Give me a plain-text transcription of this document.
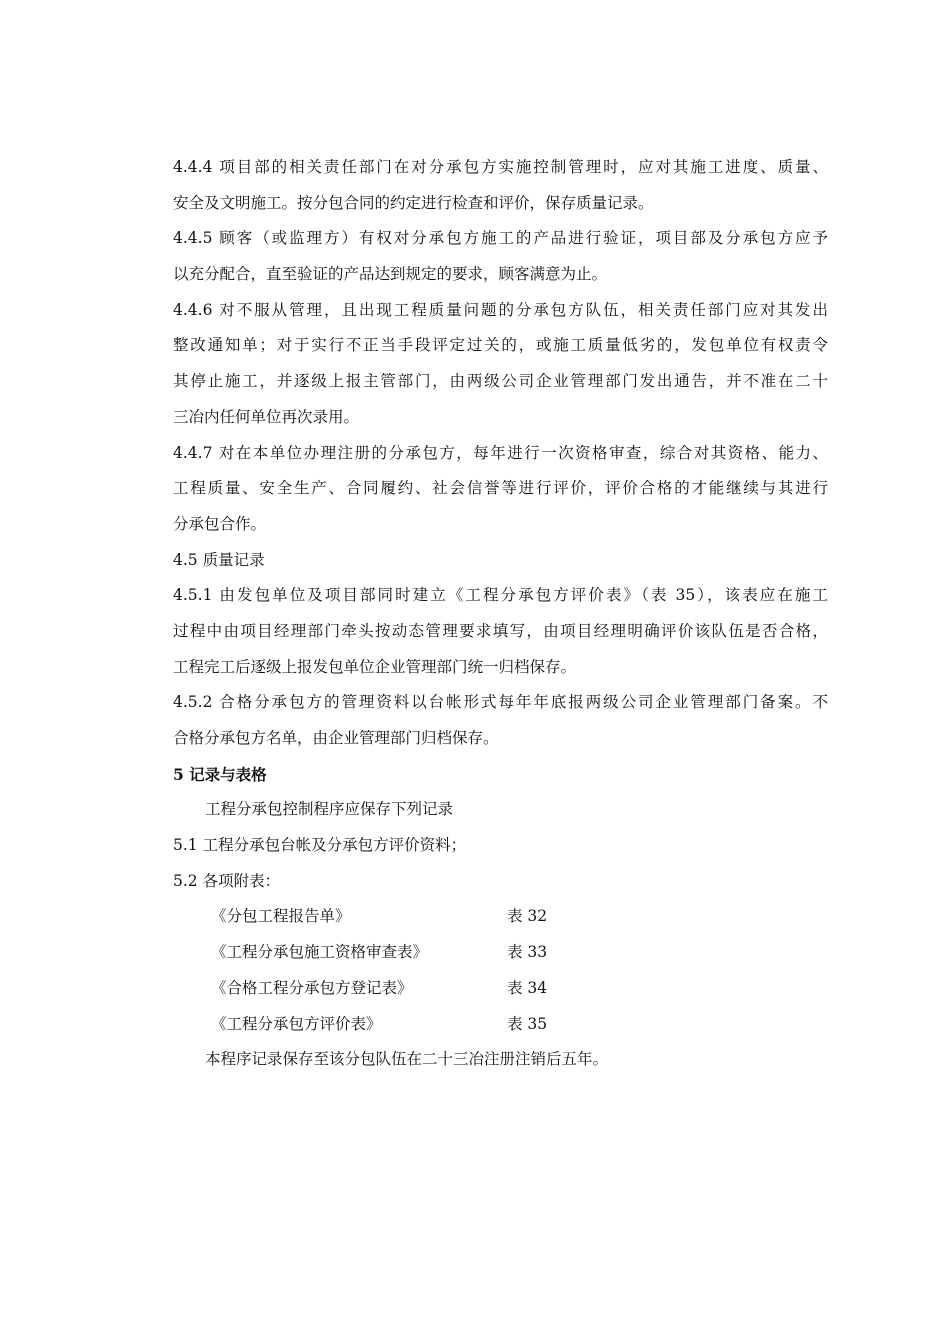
4.4.4 项目部的相关责任部门在对分承包方实施控制管理时，应对其施工进度、质量、
安全及文明施工。按分包合同的约定进行检查和评价，保存质量记录。
4.4.5 顾客（或监理方）有权对分承包方施工的产品进行验证，项目部及分承包方应予
以充分配合，直至验证的产品达到规定的要求，顾客满意为止。
4.4.6 对不服从管理，且出现工程质量问题的分承包方队伍，相关责任部门应对其发出
整改通知单；对于实行不正当手段评定过关的，或施工质量低劣的，发包单位有权责令
其停止施工，并逐级上报主管部门，由两级公司企业管理部门发出通告，并不准在二十
三冶内任何单位再次录用。
4.4.7 对在本单位办理注册的分承包方，每年进行一次资格审查，综合对其资格、能力、
工程质量、安全生产、合同履约、社会信誉等进行评价，评价合格的才能继续与其进行
分承包合作。
4.5 质量记录
4.5.1 由发包单位及项目部同时建立《工程分承包方评价表》（表 35），该表应在施工
过程中由项目经理部门牵头按动态管理要求填写，由项目经理明确评价该队伍是否合格，
工程完工后逐级上报发包单位企业管理部门统一归档保存。
4.5.2 合格分承包方的管理资料以台帐形式每年年底报两级公司企业管理部门备案。不
合格分承包方名单，由企业管理部门归档保存。
5 记录与表格
工程分承包控制程序应保存下列记录
5.1 工程分承包台帐及分承包方评价资料；
5.2 各项附表：
《分包工程报告单》	表 32
《工程分承包施工资格审查表》	表 33
《合格工程分承包方登记表》	表 34
《工程分承包方评价表》	表 35
本程序记录保存至该分包队伍在二十三冶注册注销后五年。
